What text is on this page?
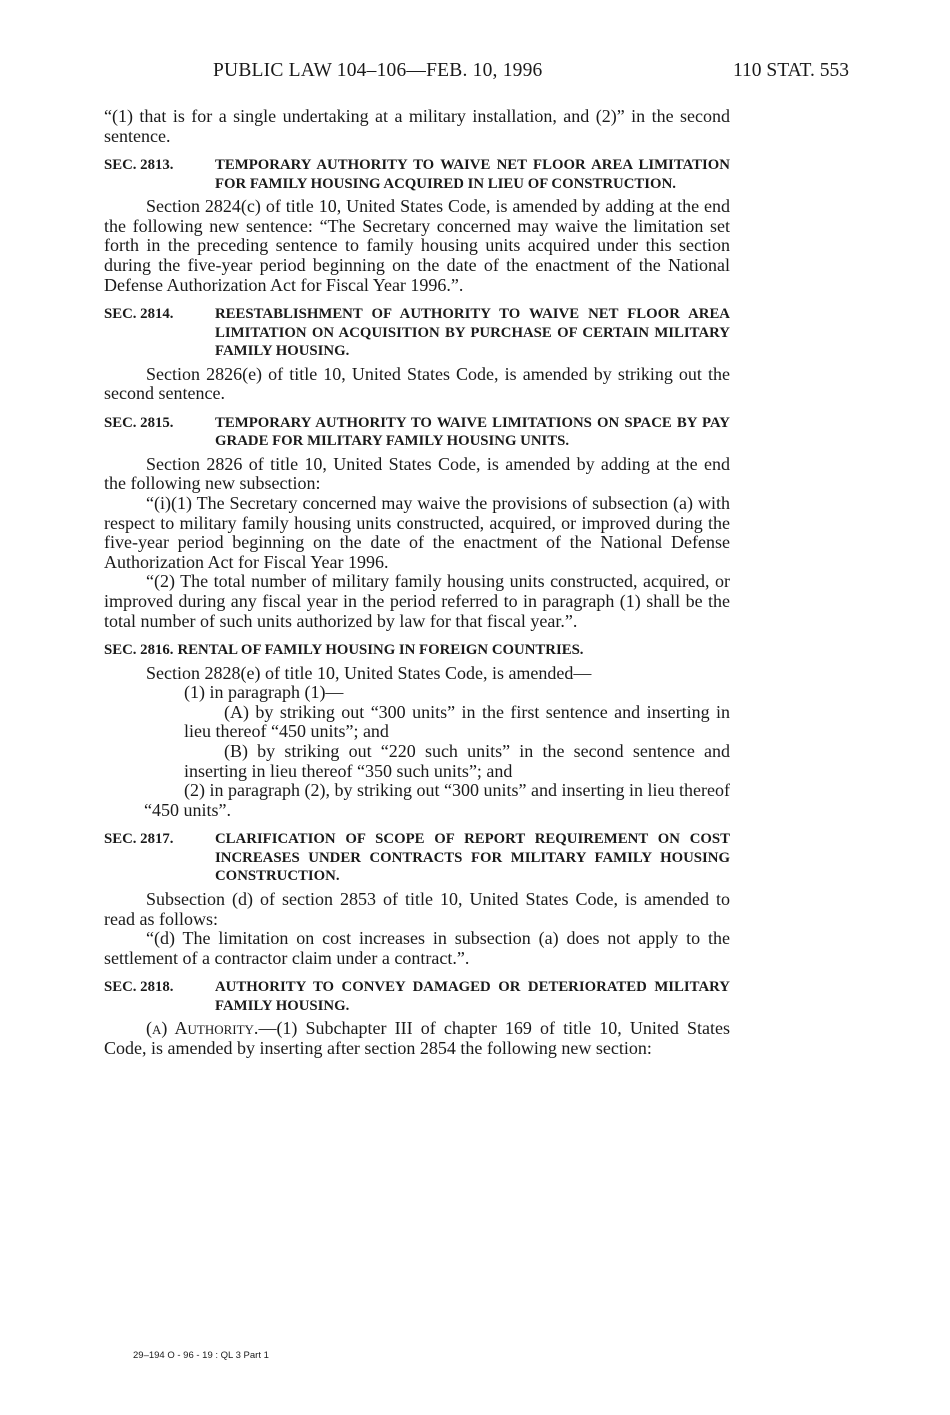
PUBLIC LAW 104–106—FEB. 10, 1996	110 STAT. 553

“(1) that is for a single undertaking at a military installation, and (2)” in the second sentence.

SEC. 2813.	TEMPORARY AUTHORITY TO WAIVE NET FLOOR AREA LIMITATION FOR FAMILY HOUSING ACQUIRED IN LIEU OF CONSTRUCTION.

Section 2824(c) of title 10, United States Code, is amended by adding at the end the following new sentence: “The Secretary concerned may waive the limitation set forth in the preceding sentence to family housing units acquired under this section during the five-year period beginning on the date of the enactment of the National Defense Authorization Act for Fiscal Year 1996.”.

SEC. 2814.	REESTABLISHMENT OF AUTHORITY TO WAIVE NET FLOOR AREA LIMITATION ON ACQUISITION BY PURCHASE OF CERTAIN MILITARY FAMILY HOUSING.

Section 2826(e) of title 10, United States Code, is amended by striking out the second sentence.

SEC. 2815.	TEMPORARY AUTHORITY TO WAIVE LIMITATIONS ON SPACE BY PAY GRADE FOR MILITARY FAMILY HOUSING UNITS.

Section 2826 of title 10, United States Code, is amended by adding at the end the following new subsection:

“(i)(1) The Secretary concerned may waive the provisions of subsection (a) with respect to military family housing units constructed, acquired, or improved during the five-year period beginning on the date of the enactment of the National Defense Authorization Act for Fiscal Year 1996.

“(2) The total number of military family housing units constructed, acquired, or improved during any fiscal year in the period referred to in paragraph (1) shall be the total number of such units authorized by law for that fiscal year.”.

SEC. 2816. RENTAL OF FAMILY HOUSING IN FOREIGN COUNTRIES.

Section 2828(e) of title 10, United States Code, is amended—

(1) in paragraph (1)—

(A) by striking out “300 units” in the first sentence and inserting in lieu thereof “450 units”; and

(B) by striking out “220 such units” in the second sentence and inserting in lieu thereof “350 such units”; and

(2) in paragraph (2), by striking out “300 units” and inserting in lieu thereof “450 units”.

SEC. 2817.	CLARIFICATION OF SCOPE OF REPORT REQUIREMENT ON COST INCREASES UNDER CONTRACTS FOR MILITARY FAMILY HOUSING CONSTRUCTION.

Subsection (d) of section 2853 of title 10, United States Code, is amended to read as follows:

“(d) The limitation on cost increases in subsection (a) does not apply to the settlement of a contractor claim under a contract.”.

SEC. 2818.	AUTHORITY TO CONVEY DAMAGED OR DETERIORATED MILITARY FAMILY HOUSING.

(a) Authority.—(1) Subchapter III of chapter 169 of title 10, United States Code, is amended by inserting after section 2854 the following new section:

29–194 O - 96 - 19 : QL 3 Part 1
